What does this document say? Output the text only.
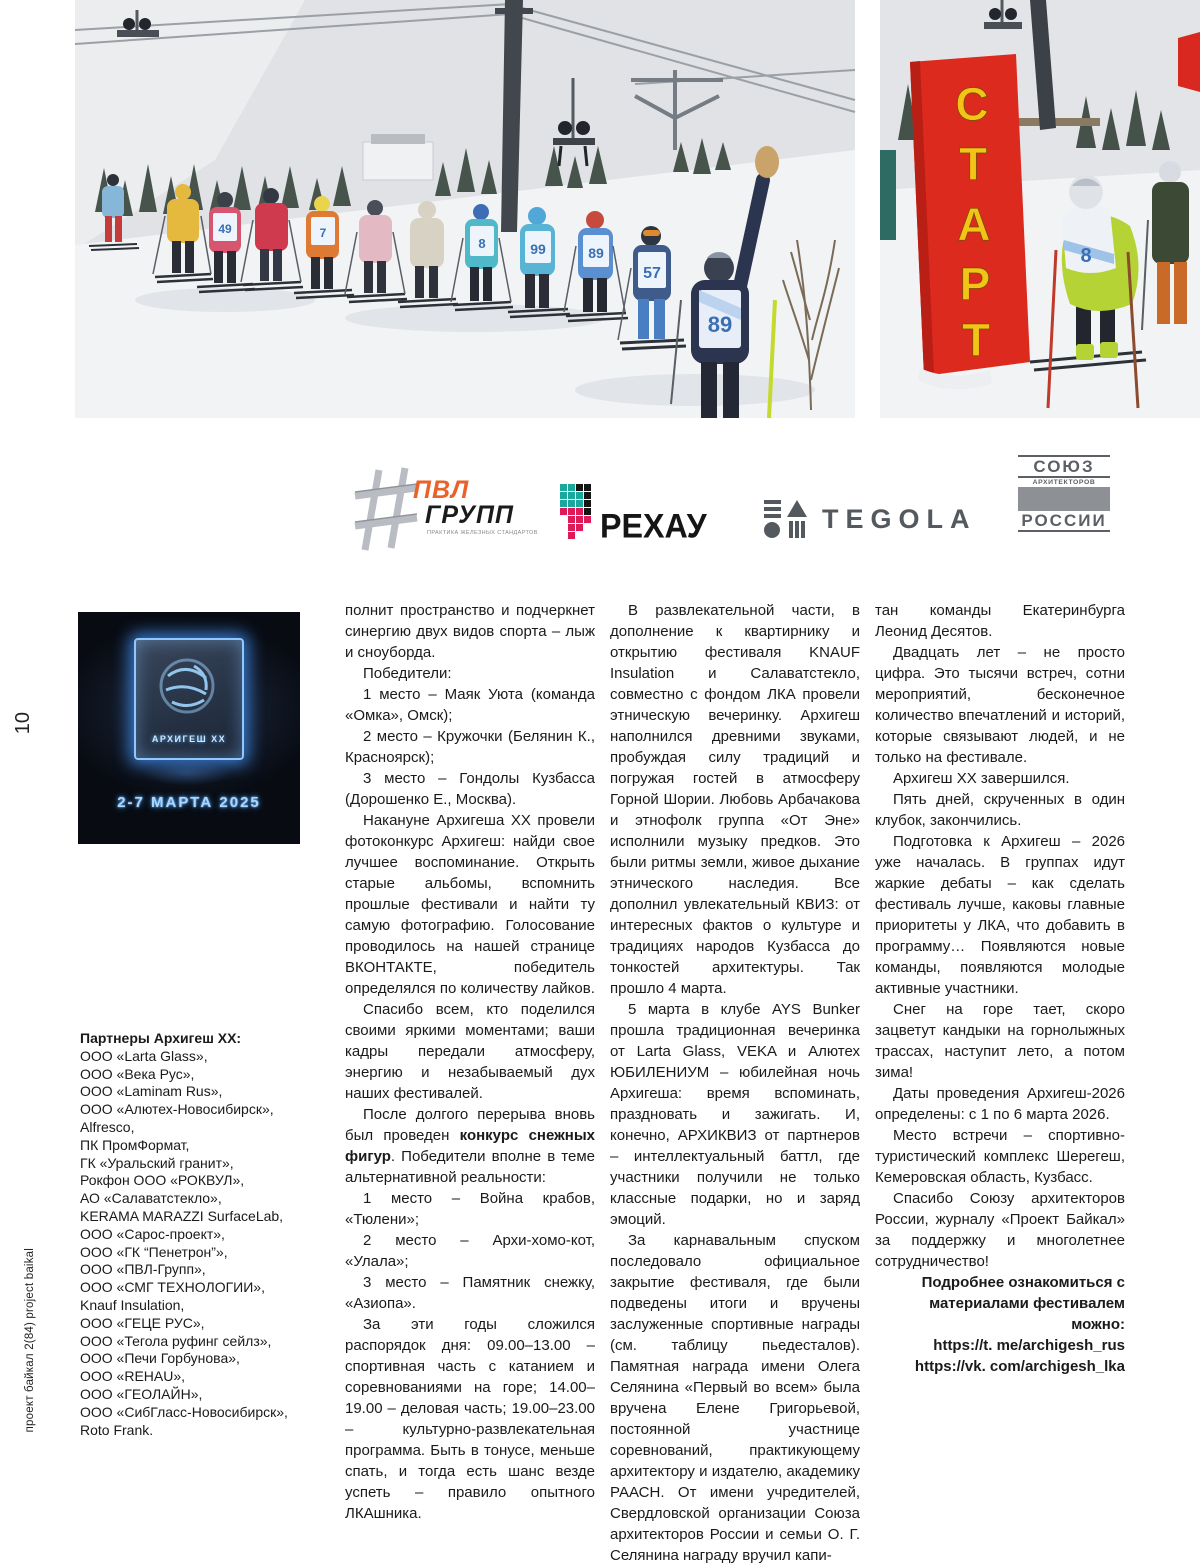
49	7
8	99	89
57
89
С
Т
А
Р
Т
8
ПВЛ
ГРУПП
ПРАКТИКА ЖЕЛЕЗНЫХ СТАНДАРТОВ РЕХАУ	TEGOLA
СОЮЗ
АРХИТЕКТОРОВ
РОССИИ
10
проект байкал 2(84) project baikal
АРХИГЕШ XX
2-7 МАРТА 2025

Партнеры Архигеш XX:

ООО «Larta Glass»,

ООО «Века Рус»,

ООО «Laminam Rus»,

ООО «Алютех-Новосибирск»,

Alfresco,

ПК ПромФормат,

ГК «Уральский гранит»,

Рокфон ООО «РОКВУЛ»,

АО «Салаватстекло»,

KERAMA MARAZZI SurfaceLab,

ООО «Сарос-проект»,

ООО «ГК “Пенетрон”»,

ООО «ПВЛ-Групп»,

ООО «СМГ ТЕХНОЛОГИИ»,

Knauf Insulation,

ООО «ГЕЦЕ РУС»,

ООО «Тегола руфинг сейлз»,

ООО «Печи Горбунова»,

ООО «REHAU»,

ООО «ГЕОЛАЙН»,

ООО «СибГласс-Новосибирск»,

Roto Frank.

полнит пространство и подчеркнет синергию двух видов спорта – лыж и сноуборда.

Победители:

1 место – Маяк Уюта (команда «Омка», Омск);

2 место – Кружочки (Белянин К., Красноярск);

3 место – Гондолы Кузбасса (Дорошенко Е., Москва).

Накануне Архигеша XX провели фотоконкурс Архигеш: найди свое лучшее воспоминание. Открыть старые альбомы, вспомнить прошлые фестивали и найти ту самую фотографию. Голосование проводилось на нашей странице ВКОНТАКТЕ, победитель определялся по количеству лайков.

Спасибо всем, кто поделился своими яркими моментами; ваши кадры передали атмосферу, энергию и незабываемый дух наших фестивалей.

После долгого перерыва вновь был проведен конкурс снежных фигур. Победители вполне в теме альтернативной реальности:

1 место – Война крабов, «Тюлени»;

2 место – Архи-хомо-кот, «Улала»;

3 место – Памятник снежку, «Азиопа».

За эти годы сложился распорядок дня: 09.00–13.00 – спортивная часть с катанием и соревнованиями на горе; 14.00–19.00 – деловая часть; 19.00–23.00 – культурно-развлекательная программа. Быть в тонусе, меньше спать, и тогда есть шанс везде успеть – правило опытного ЛКАшника.

В развлекательной части, в дополнение к квартирнику и открытию фестиваля KNAUF Insulation и Салаватстекло, совместно с фондом ЛКА провели этническую вечеринку. Архигеш наполнился древними звуками, пробуждая силу традиций и погружая гостей в атмосферу Горной Шории. Любовь Арбачакова и этнофолк группа «От Эне» исполнили музыку предков. Это были ритмы земли, живое дыхание этнического наследия. Все дополнил увлекательный КВИЗ: от интересных фактов о культуре и традициях народов Кузбасса до тонкостей архитектуры. Так прошло 4 марта.

5 марта в клубе AYS Bunker прошла традиционная вечеринка от Larta Glass, VEKA и Алютех ЮБИЛЕНИУМ – юбилейная ночь Архигеша: время вспоминать, праздновать и зажигать. И, конечно, АРХИКВИЗ от партнеров – интеллектуальный баттл, где участники получили не только классные подарки, но и заряд эмоций.

За карнавальным спуском последовало официальное закрытие фестиваля, где были подведены итоги и вручены заслуженные спортивные награды (см. таблицу пьедесталов). Памятная награда имени Олега Селянина «Первый во всем» была вручена Елене Григорьевой, постоянной участнице соревнований, практикующему архитектору и издателю, академику РААСН. От имени учредителей, Свердловской организации Союза архитекторов России и семьи О. Г. Селянина награду вручил капи-

тан команды Екатеринбурга Леонид Десятов.

Двадцать лет – не просто цифра. Это тысячи встреч, сотни мероприятий, бесконечное количество впечатлений и историй, которые связывают людей, и не только на фестивале.

Архигеш XX завершился.

Пять дней, скрученных в один клубок, закончились.

Подготовка к Архигеш – 2026 уже началась. В группах идут жаркие дебаты – как сделать фестиваль лучше, каковы главные приоритеты у ЛКА, что добавить в программу… Появляются новые команды, появляются молодые активные участники.

Снег на горе тает, скоро зацветут кандыки на горнолыжных трассах, наступит лето, а потом зима!

Даты проведения Архигеш-2026 определены: с 1 по 6 марта 2026.

Место встречи – спортивно-туристический комплекс Шерегеш, Кемеровская область, Кузбасс.

Спасибо Союзу архитекторов России, журналу «Проект Байкал» за поддержку и многолетнее сотрудничество!

Подробнее ознакомиться с материалами фестивалем можно:

https://t. me/archigesh_rus

https://vk. com/archigesh_lka
